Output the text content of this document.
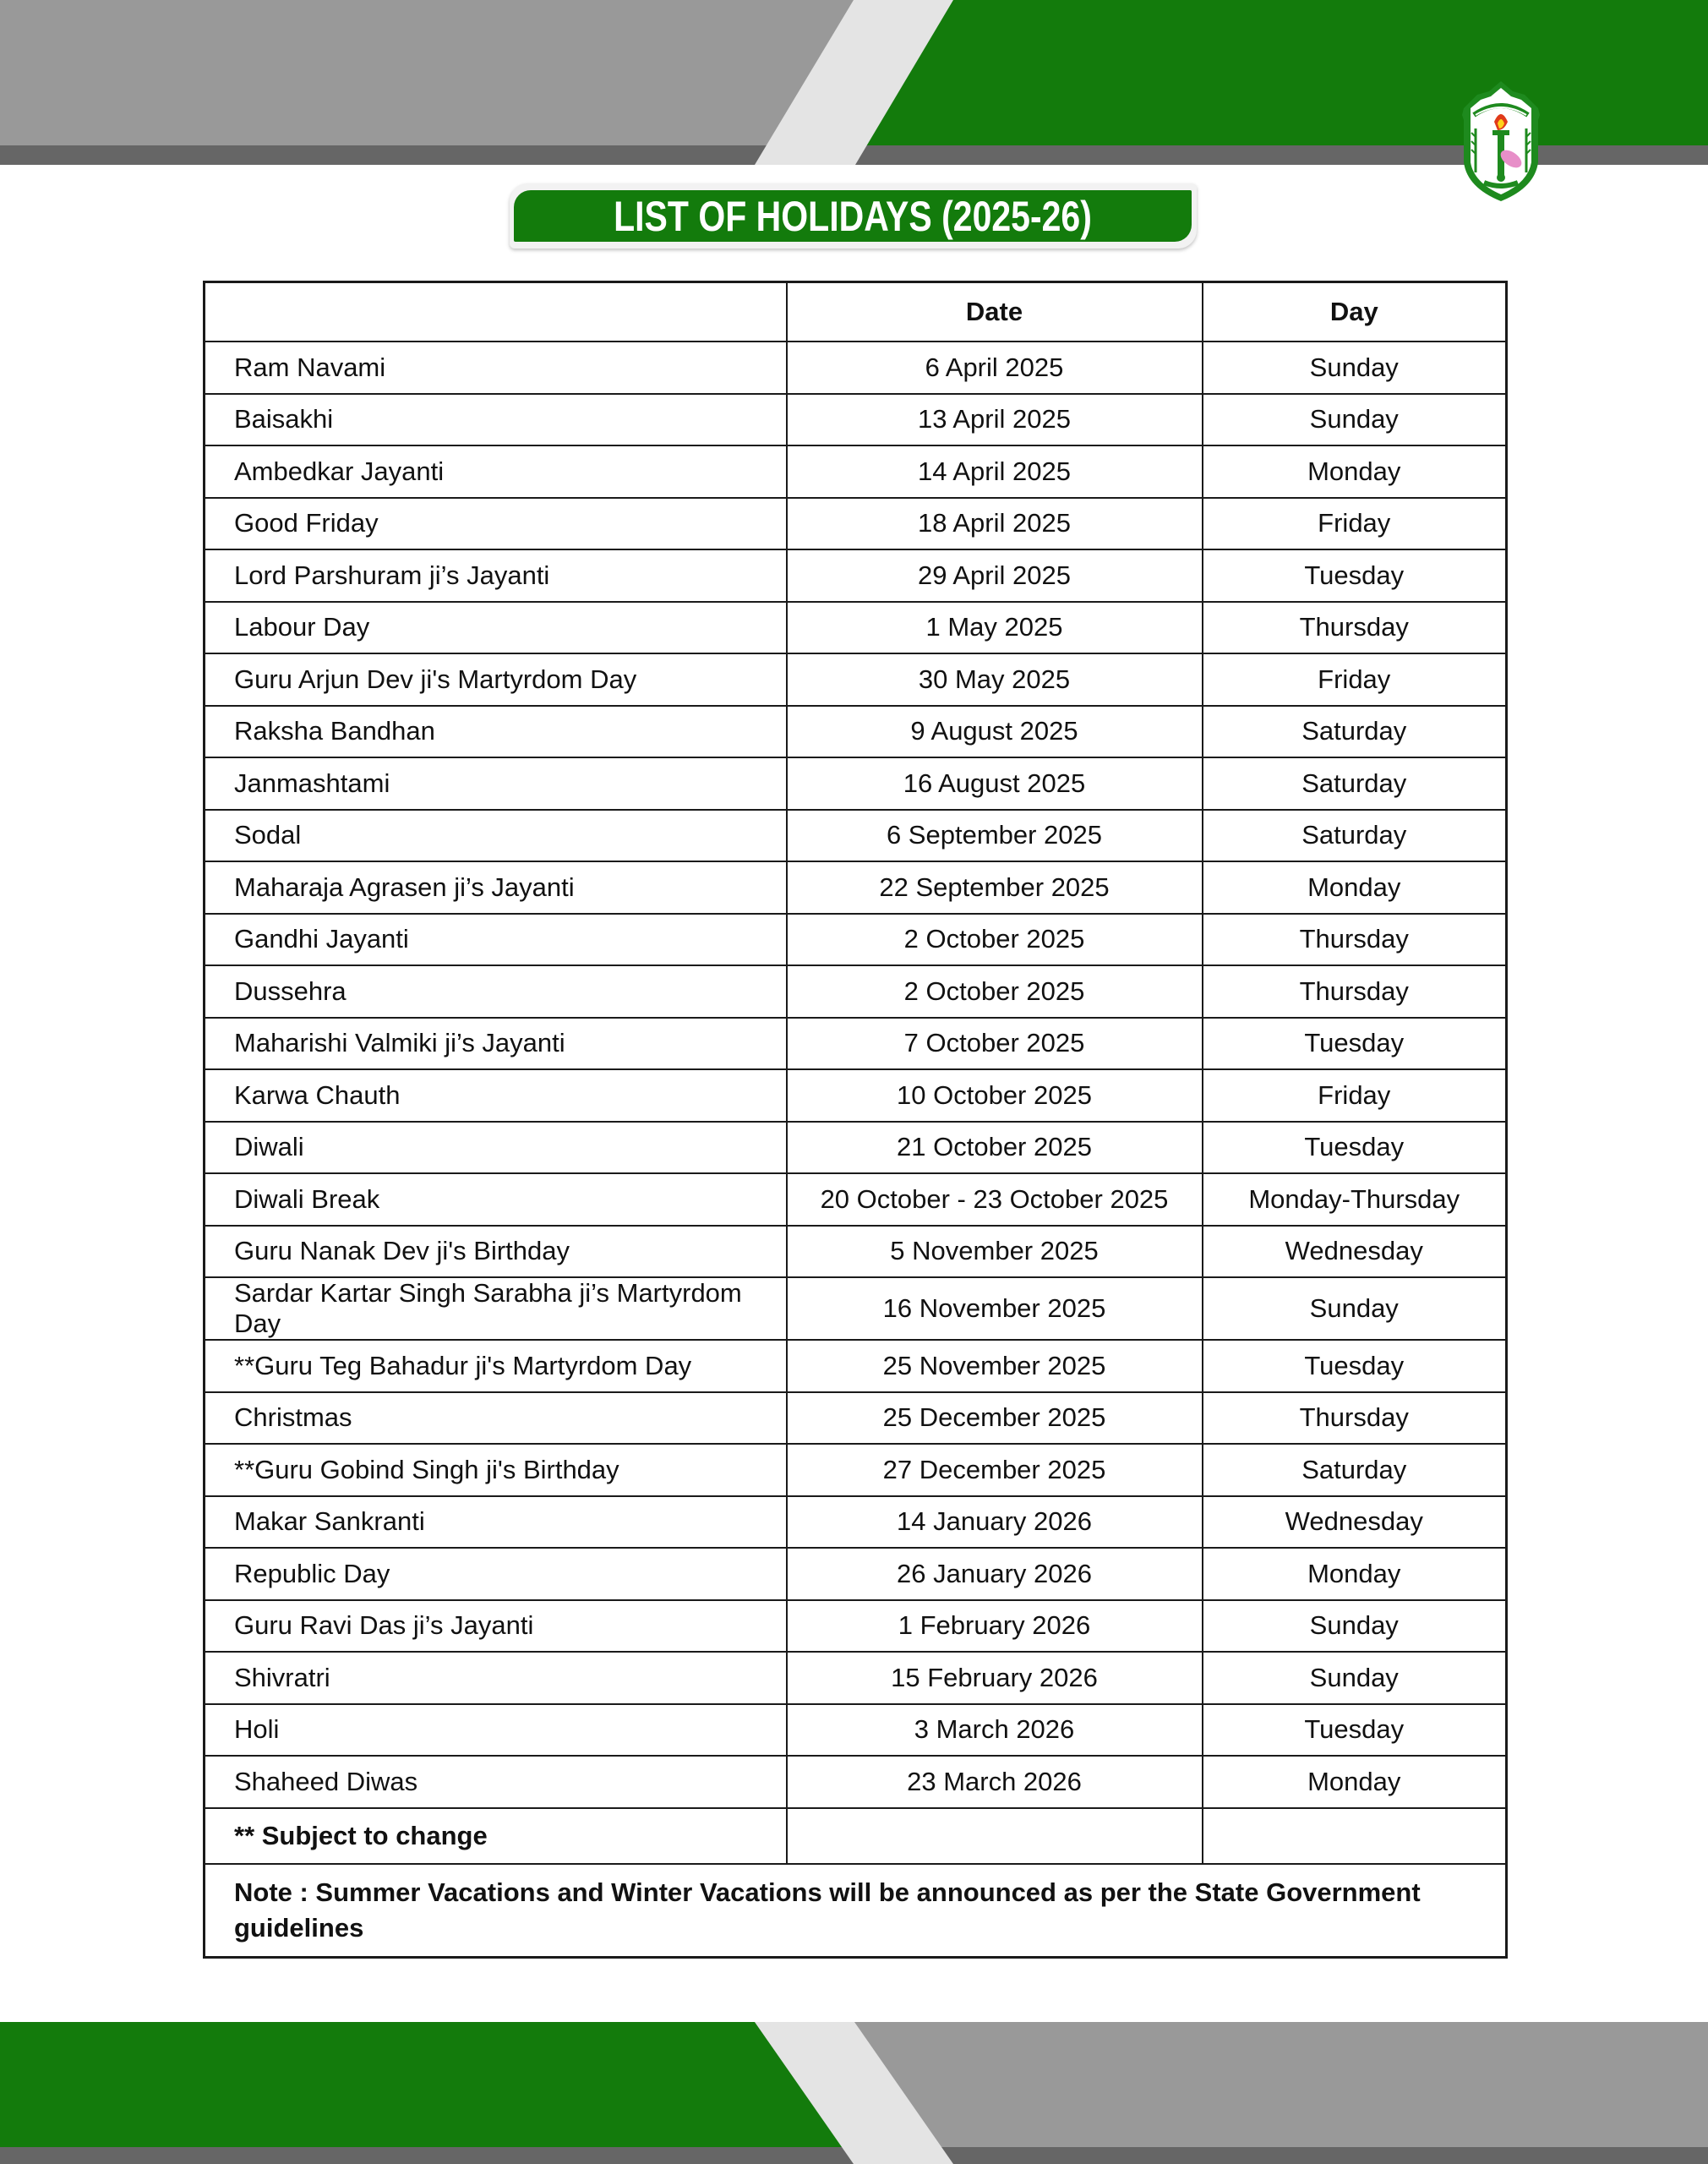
LIST OF HOLIDAYS (2025-26)
	Date	Day
Ram Navami	6 April 2025	Sunday
Baisakhi	13 April 2025	Sunday
Ambedkar Jayanti	14 April 2025	Monday
Good Friday	18 April 2025	Friday
Lord Parshuram ji’s Jayanti	29 April 2025	Tuesday
Labour Day	1 May 2025	Thursday
Guru Arjun Dev ji's Martyrdom Day	30 May 2025	Friday
Raksha Bandhan	9 August 2025	Saturday
Janmashtami	16 August 2025	Saturday
Sodal	6 September 2025	Saturday
Maharaja Agrasen ji’s Jayanti	22 September 2025	Monday
Gandhi Jayanti	2 October 2025	Thursday
Dussehra	2 October 2025	Thursday
Maharishi Valmiki ji’s Jayanti	7 October 2025	Tuesday
Karwa Chauth	10 October 2025	Friday
Diwali	21 October 2025	Tuesday
Diwali Break	20 October - 23 October 2025	Monday-Thursday
Guru Nanak Dev ji's Birthday	5 November 2025	Wednesday
Sardar Kartar Singh Sarabha ji’s Martyrdom Day	16 November 2025	Sunday
**Guru Teg Bahadur ji's Martyrdom Day	25 November 2025	Tuesday
Christmas	25 December 2025	Thursday
**Guru Gobind Singh ji's Birthday	27 December 2025	Saturday
Makar Sankranti	14 January 2026	Wednesday
Republic Day	26 January 2026	Monday
Guru Ravi Das ji’s Jayanti	1 February 2026	Sunday
Shivratri	15 February 2026	Sunday
Holi	3 March 2026	Tuesday
Shaheed Diwas	23 March 2026	Monday
** Subject to change		
Note : Summer Vacations and Winter Vacations will be announced as per the State Government guidelines		
